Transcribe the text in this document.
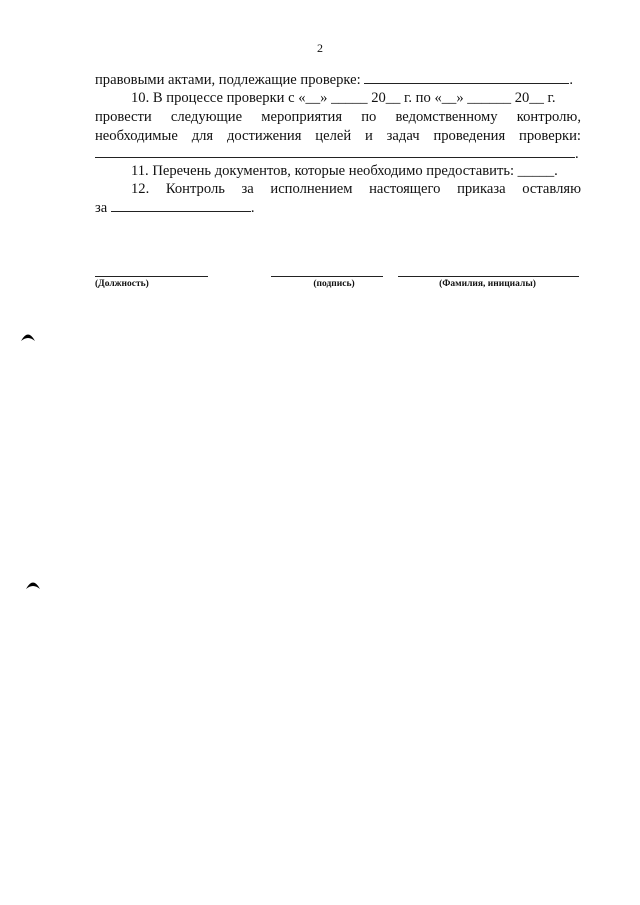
2
правовыми актами, подлежащие проверке:	.
10. В процессе проверки с «__» _____ 20__ г. по «__» ______ 20__ г.
провести следующие мероприятия по ведомственному контролю,
необходимые для достижения целей и задач проведения проверки:
.
11. Перечень документов, которые необходимо предоставить: _____.
12. Контроль за исполнением настоящего приказа оставляю
за	.
(Должность)	(подпись)	(Фамилия, инициалы)
